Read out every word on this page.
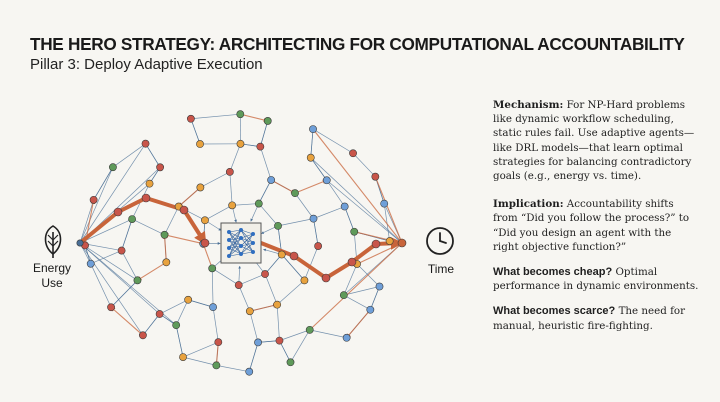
THE HERO STRATEGY: ARCHITECTING FOR COMPUTATIONAL ACCOUNTABILITY
Pillar 3: Deploy Adaptive Execution
Energy
Use
Time

Mechanism: For NP-Hard problems like dynamic workflow scheduling, static rules fail. Use adaptive agents—like DRL models—that learn optimal strategies for balancing contradictory goals (e.g., energy vs. time).

Implication: Accountability shifts from “Did you follow the process?” to “Did you design an agent with the right objective function?”

What becomes cheap? Optimal performance in dynamic environments.

What becomes scarce? The need for manual, heuristic fire-fighting.
